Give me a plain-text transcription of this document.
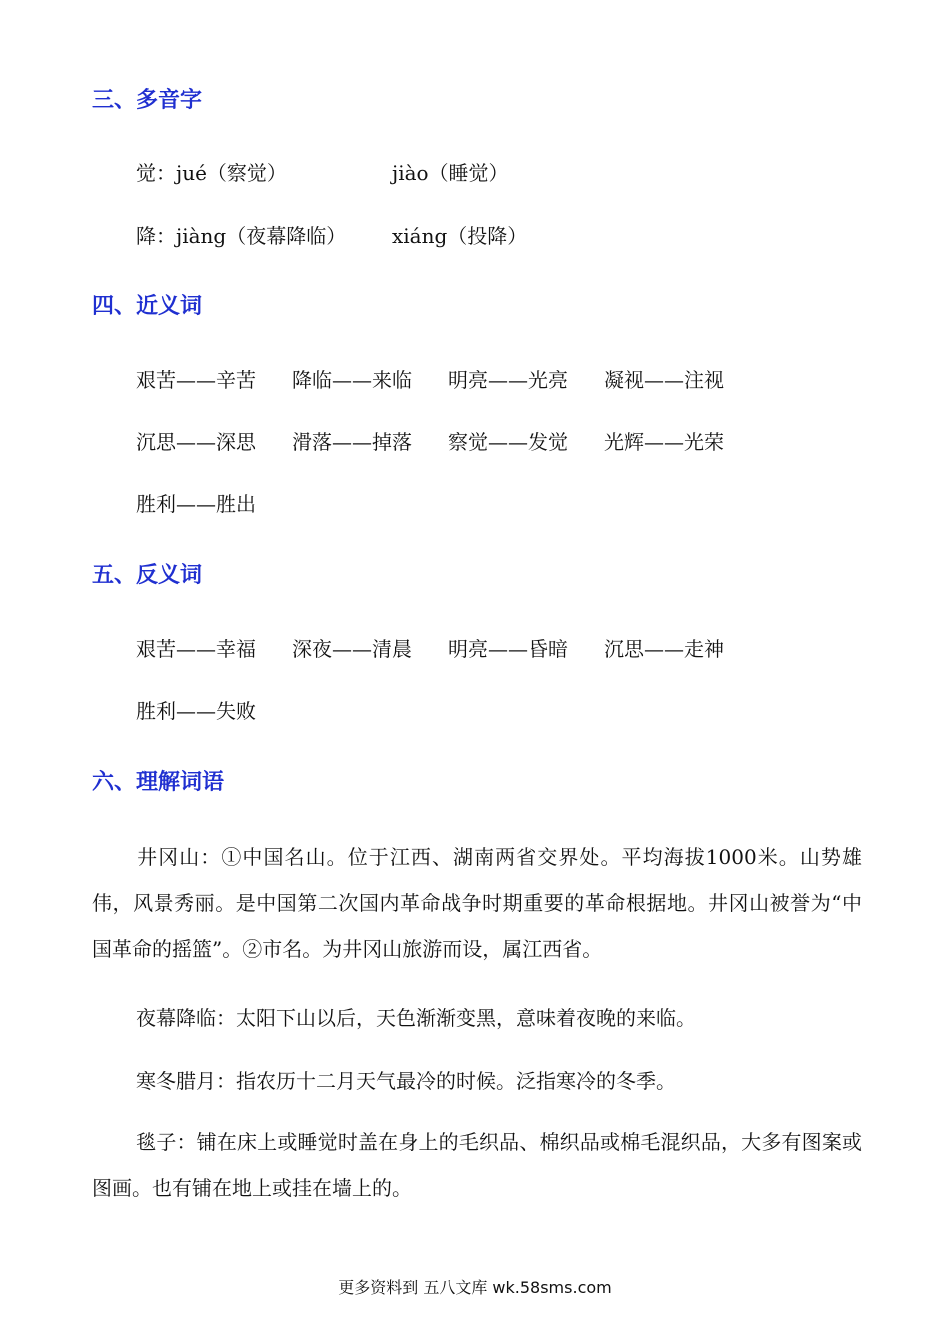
三、多音字
觉：jué（察觉）	jiào（睡觉）
降：jiàng（夜幕降临） xiáng（投降）
四、近义词
艰苦——辛苦 降临——来临 明亮——光亮 凝视——注视
沉思——深思 滑落——掉落 察觉——发觉 光辉——光荣
胜利——胜出
五、反义词
艰苦——幸福 深夜——清晨 明亮——昏暗 沉思——走神
胜利——失败
六、理解词语
井冈山：①中国名山。位于江西、湖南两省交界处。平均海拔1000米。山势雄伟，风景秀丽。是中国第二次国内革命战争时期重要的革命根据地。井冈山被誉为“中国革命的摇篮”。②市名。为井冈山旅游而设，属江西省。
夜幕降临：太阳下山以后，天色渐渐变黑，意味着夜晚的来临。
寒冬腊月：指农历十二月天气最冷的时候。泛指寒冷的冬季。
毯子：铺在床上或睡觉时盖在身上的毛织品、棉织品或棉毛混织品，大多有图案或图画。也有铺在地上或挂在墙上的。
更多资料到 五八文库 wk.58sms.com
